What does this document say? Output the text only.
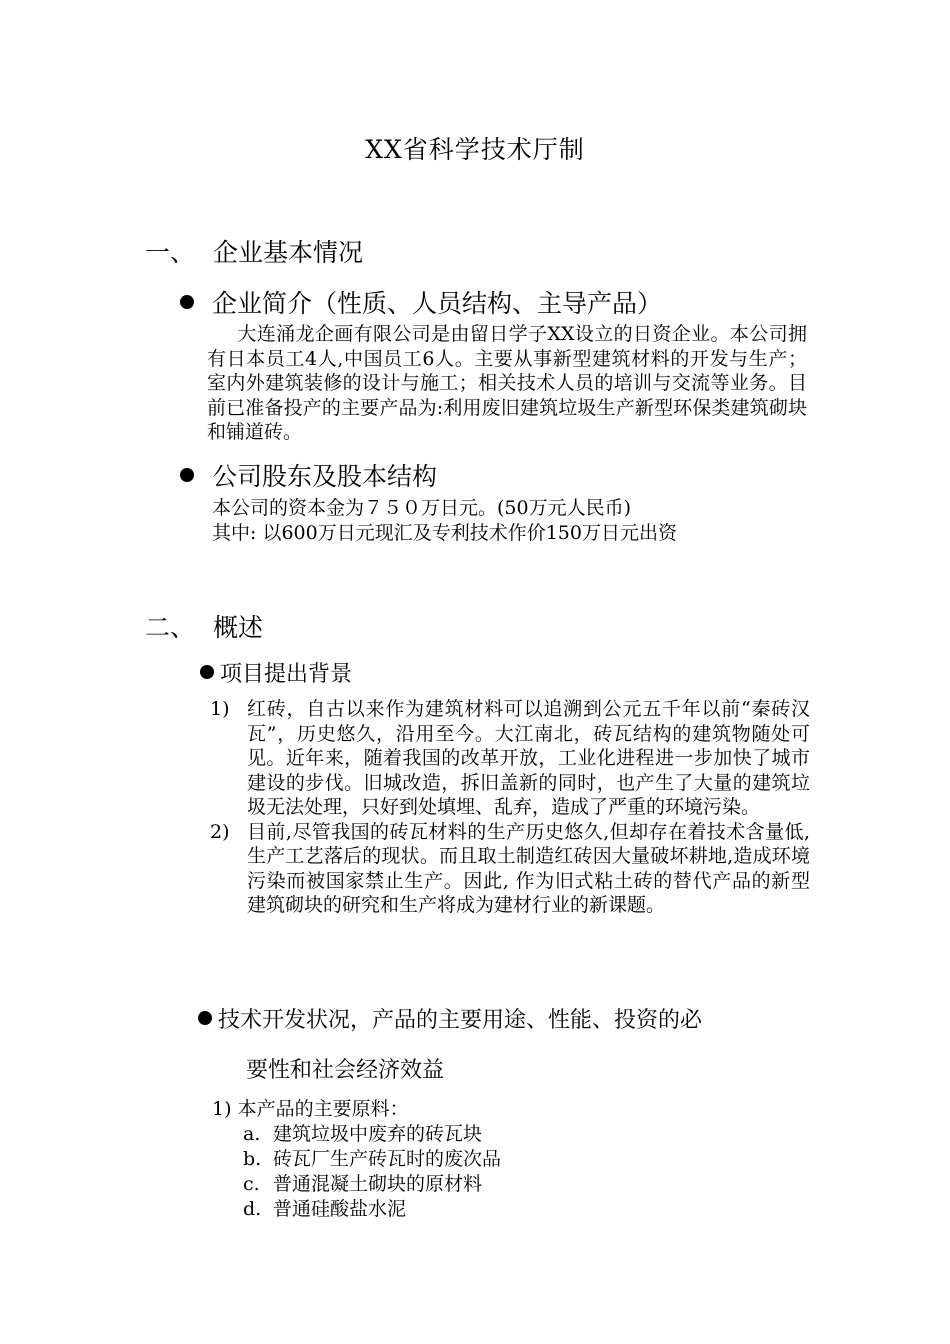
XX省科学技术厅制
一、 企业基本情况
企业简介（性质、人员结构、主导产品）
大连涌龙企画有限公司是由留日学子XX设立的日资企业。本公司拥有日本员工4人,中国员工6人。主要从事新型建筑材料的开发与生产；室内外建筑装修的设计与施工；相关技术人员的培训与交流等业务。目前已准备投产的主要产品为:利用废旧建筑垃圾生产新型环保类建筑砌块和铺道砖。
公司股东及股本结构
本公司的资本金为７５０万日元。(50万元人民币)
其中: 以600万日元现汇及专利技术作价150万日元出资
二、 概述
项目提出背景
1) 红砖，自古以来作为建筑材料可以追溯到公元五千年以前“秦砖汉瓦”，历史悠久，沿用至今。大江南北，砖瓦结构的建筑物随处可见。近年来，随着我国的改革开放，工业化进程进一步加快了城市建设的步伐。旧城改造，拆旧盖新的同时，也产生了大量的建筑垃圾无法处理，只好到处填埋、乱弃，造成了严重的环境污染。
2) 目前,尽管我国的砖瓦材料的生产历史悠久,但却存在着技术含量低,生产工艺落后的现状。而且取土制造红砖因大量破坏耕地,造成环境污染而被国家禁止生产。因此, 作为旧式粘土砖的替代产品的新型建筑砌块的研究和生产将成为建材行业的新课题。
技术开发状况，产品的主要用途、性能、投资的必
要性和社会经济效益
1) 本产品的主要原料：
a. 建筑垃圾中废弃的砖瓦块
b. 砖瓦厂生产砖瓦时的废次品
c. 普通混凝土砌块的原材料
d. 普通硅酸盐水泥
